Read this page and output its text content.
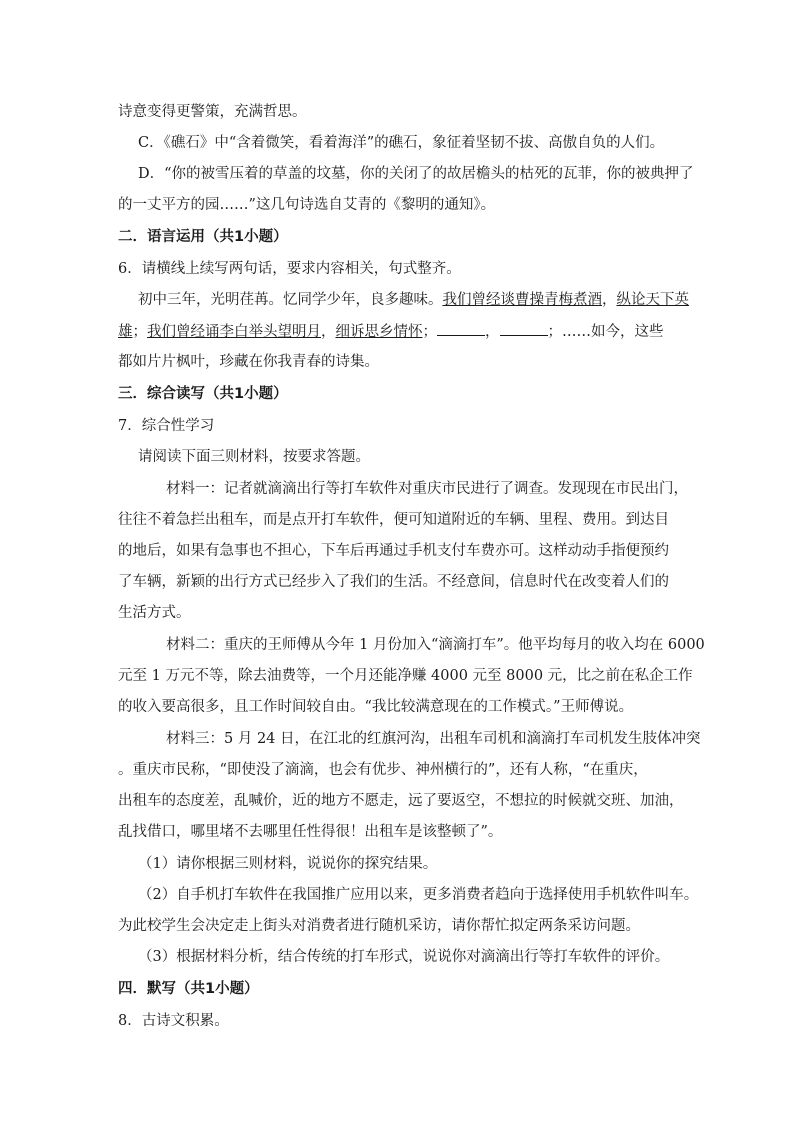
诗意变得更警策，充满哲思。
C．《礁石》中“含着微笑，看着海洋”的礁石，象征着坚韧不拔、高傲自负的人们。
D．“你的被雪压着的草盖的坟墓，你的关闭了的故居檐头的枯死的瓦菲，你的被典押了
的一丈平方的园……”这几句诗选自艾青的《黎明的通知》。
二．语言运用（共1小题）
6．请横线上续写两句话，要求内容相关，句式整齐。
初中三年，光明荏苒。忆同学少年，良多趣味。我们曾经谈曹操青梅煮酒，纵论天下英
雄；我们曾经诵李白举头望明月，细诉思乡情怀；	，	；……如今，这些
都如片片枫叶，珍藏在你我青春的诗集。
三．综合读写（共1小题）
7．综合性学习
请阅读下面三则材料，按要求答题。
材料一：记者就滴滴出行等打车软件对重庆市民进行了调查。发现现在市民出门，
往往不着急拦出租车，而是点开打车软件，便可知道附近的车辆、里程、费用。到达目
的地后，如果有急事也不担心，下车后再通过手机支付车费亦可。这样动动手指便预约
了车辆，新颖的出行方式已经步入了我们的生活。不经意间，信息时代在改变着人们的
生活方式。
材料二：重庆的王师傅从今年 1 月份加入“滴滴打车”。他平均每月的收入均在 6000
元至 1 万元不等，除去油费等，一个月还能净赚 4000 元至 8000 元，比之前在私企工作
的收入要高很多，且工作时间较自由。“我比较满意现在的工作模式。”王师傅说。
材料三：5 月 24 日，在江北的红旗河沟，出租车司机和滴滴打车司机发生肢体冲突
。重庆市民称，“即使没了滴滴，也会有优步、神州横行的”，还有人称，“在重庆，
出租车的态度差，乱喊价，近的地方不愿走，远了要返空，不想拉的时候就交班、加油，
乱找借口，哪里堵不去哪里任性得很！出租车是该整顿了”。
（1）请你根据三则材料，说说你的探究结果。
（2）自手机打车软件在我国推广应用以来，更多消费者趋向于选择使用手机软件叫车。
为此校学生会决定走上街头对消费者进行随机采访，请你帮忙拟定两条采访问题。
（3）根据材料分析，结合传统的打车形式，说说你对滴滴出行等打车软件的评价。
四．默写（共1小题）
8．古诗文积累。
